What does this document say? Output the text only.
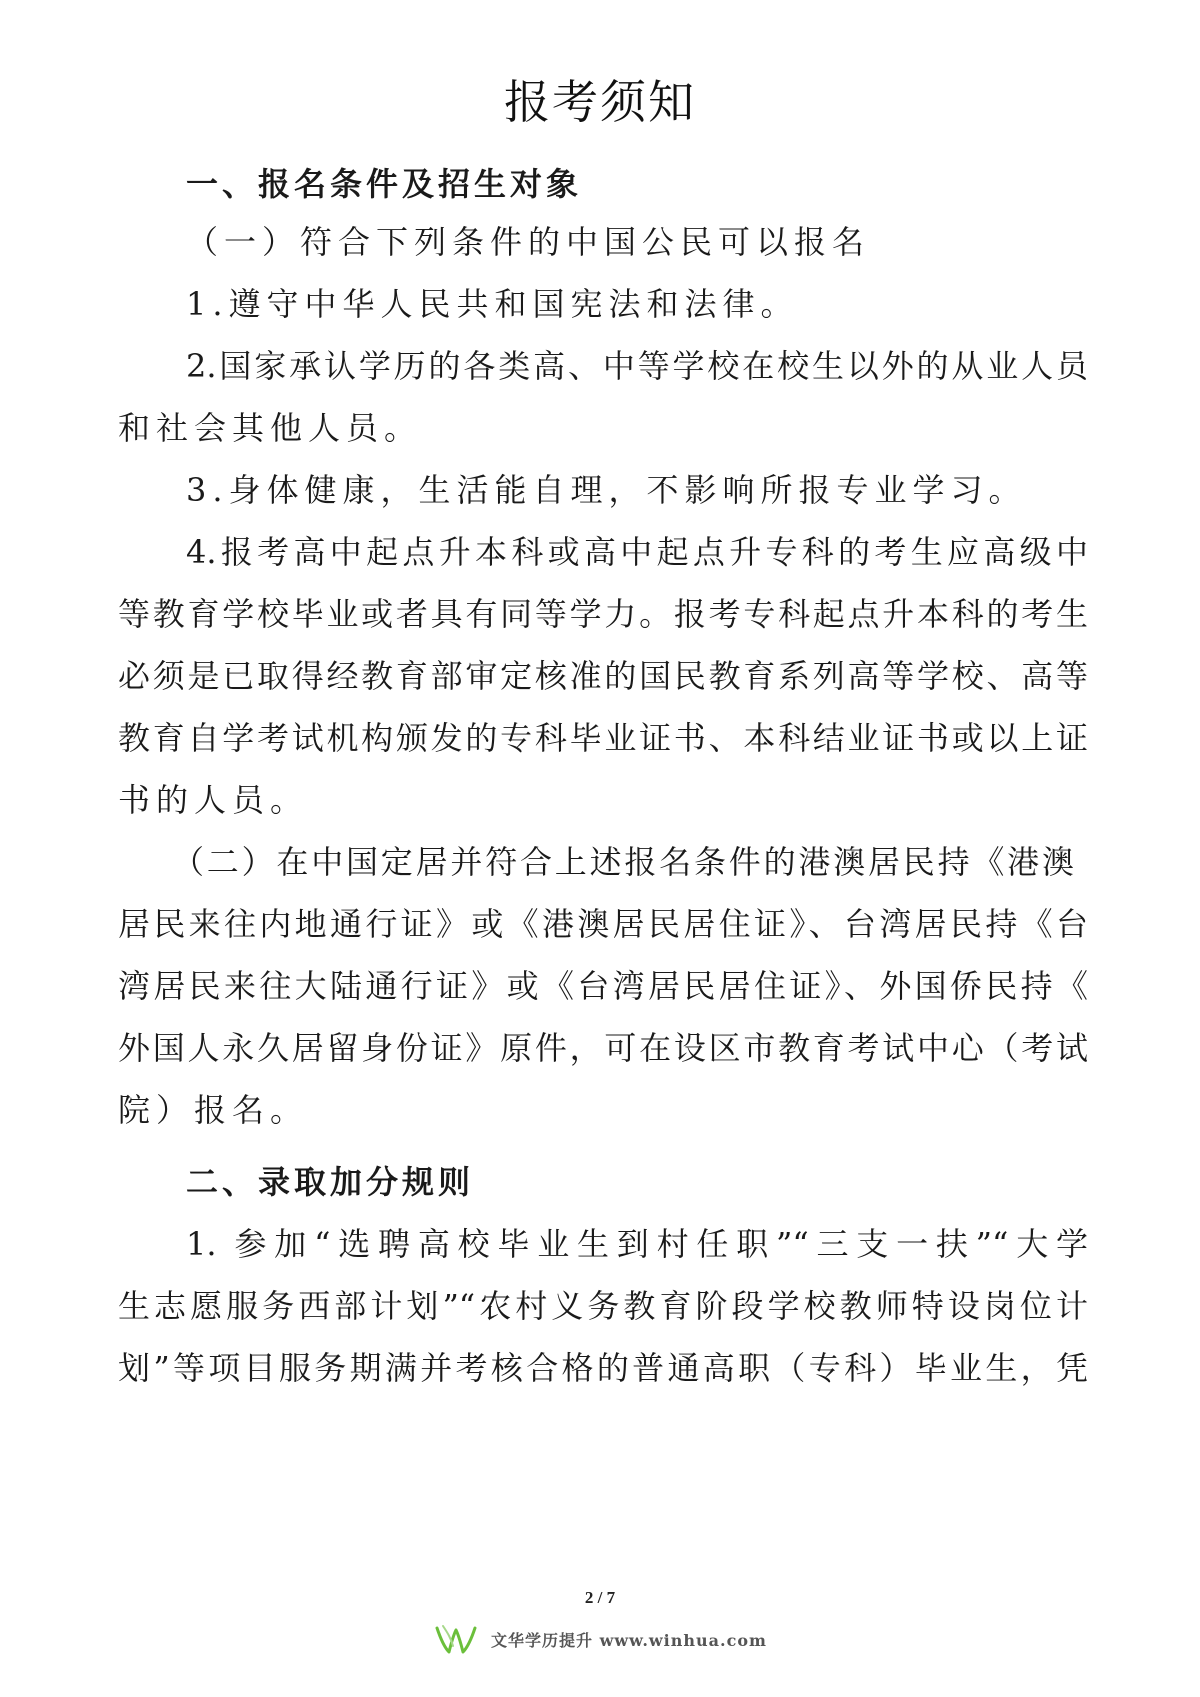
报考须知
一、报名条件及招生对象
（一）符合下列条件的中国公民可以报名
1.遵守中华人民共和国宪法和法律。
2.国家承认学历的各类高、中等学校在校生以外的从业人员
和社会其他人员。
3.身体健康，生活能自理，不影响所报专业学习。
4.报考高中起点升本科或高中起点升专科的考生应高级中
等教育学校毕业或者具有同等学力。报考专科起点升本科的考生
必须是已取得经教育部审定核准的国民教育系列高等学校、高等
教育自学考试机构颁发的专科毕业证书、本科结业证书或以上证
书的人员。
（二）在中国定居并符合上述报名条件的港澳居民持《港澳
居民来往内地通行证》或《港澳居民居住证》、台湾居民持《台
湾居民来往大陆通行证》或《台湾居民居住证》、外国侨民持《
外国人永久居留身份证》原件，可在设区市教育考试中心（考试
院）报名。
二、录取加分规则
1. 参加“选聘高校毕业生到村任职”“三支一扶”“大学
生志愿服务西部计划”“农村义务教育阶段学校教师特设岗位计
划”等项目服务期满并考核合格的普通高职（专科）毕业生，凭
2 / 7
文华学历提升 www.winhua.com
